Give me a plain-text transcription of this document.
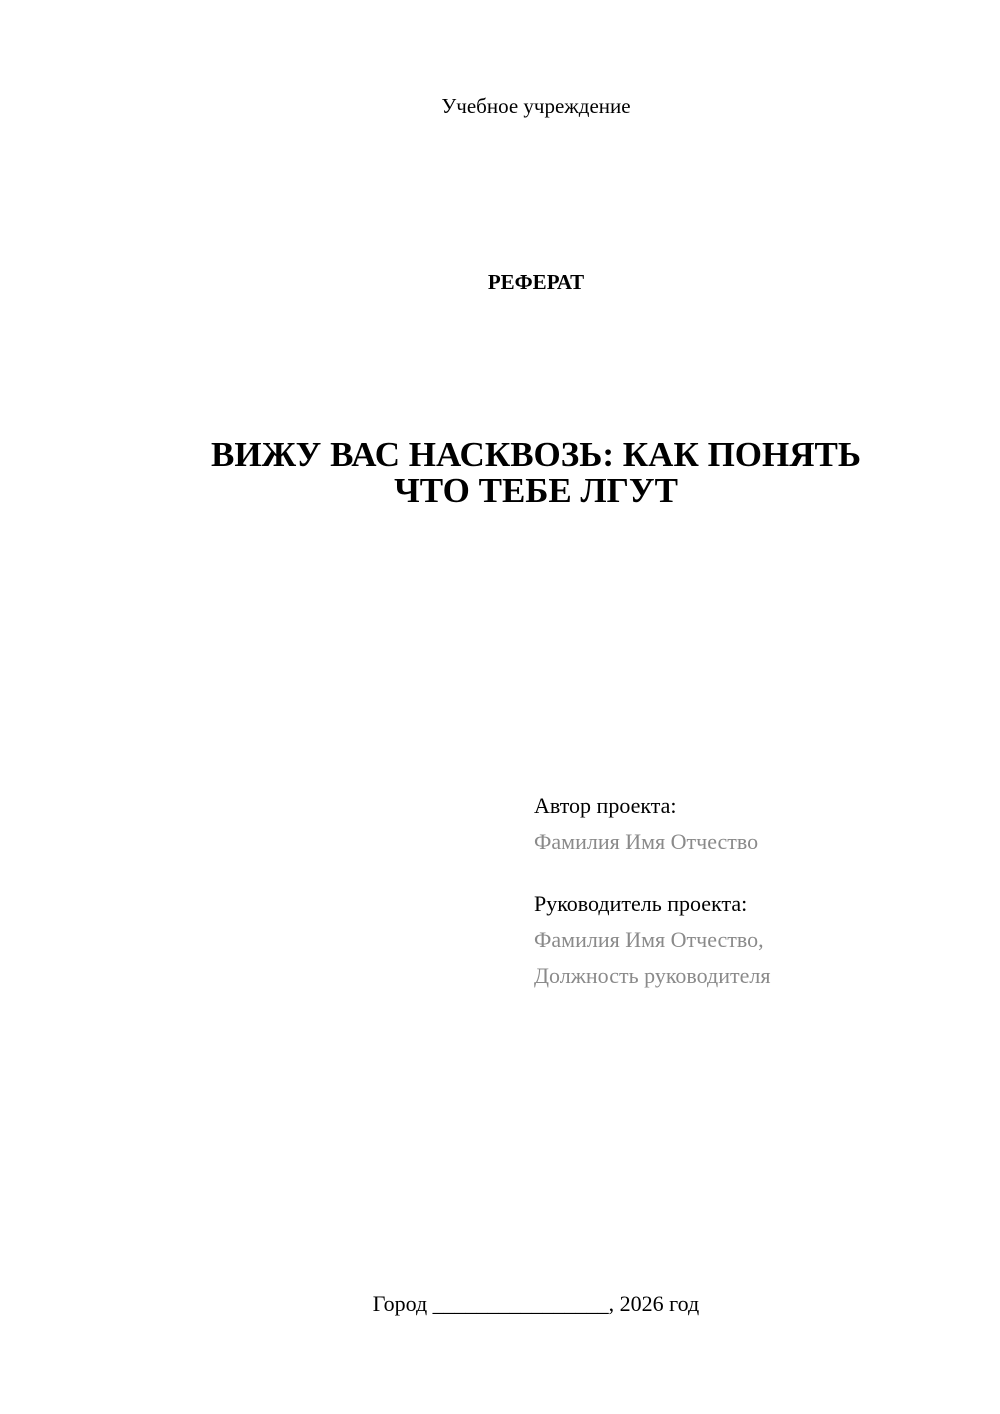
Учебное учреждение
РЕФЕРАТ
ВИЖУ ВАС НАСКВОЗЬ: КАК ПОНЯТЬ
ЧТО ТЕБЕ ЛГУТ
Автор проекта:
Фамилия Имя Отчество
Руководитель проекта:
Фамилия Имя Отчество,
Должность руководителя
Город ________________, 2026 год
